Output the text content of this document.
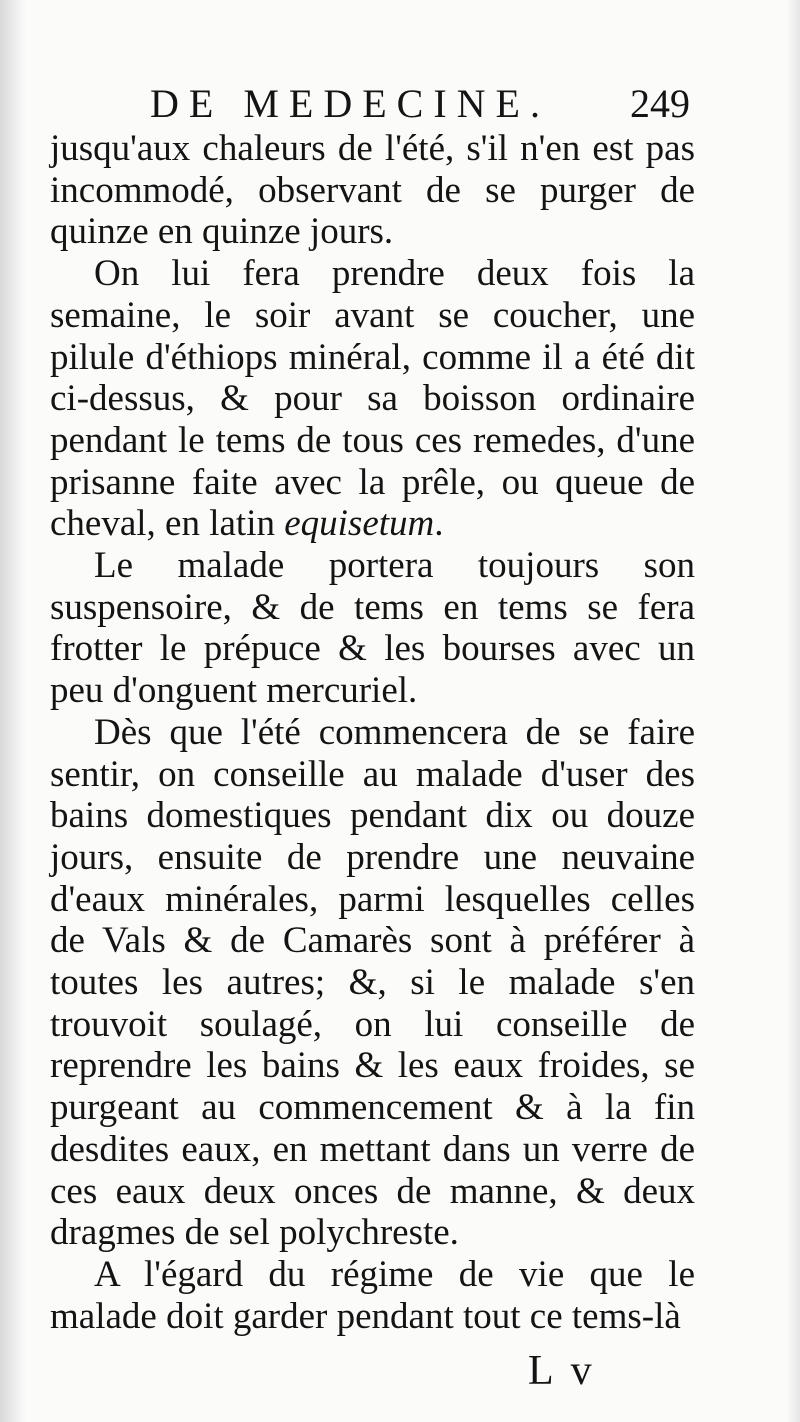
DE MEDECINE. 249

jusqu'aux chaleurs de l'été, s'il n'en est pas incommodé, observant de se purger de quinze en quinze jours.

On lui fera prendre deux fois la semaine, le soir avant se coucher, une pilule d'éthiops minéral, comme il a été dit ci-dessus, & pour sa boisson ordinaire pendant le tems de tous ces remedes, d'une prisanne faite avec la prêle, ou queue de cheval, en latin equisetum.

Le malade portera toujours son suspensoire, & de tems en tems se fera frotter le prépuce & les bourses avec un peu d'onguent mercuriel.

Dès que l'été commencera de se faire sentir, on conseille au malade d'user des bains domestiques pendant dix ou douze jours, ensuite de prendre une neuvaine d'eaux minérales, parmi lesquelles celles de Vals & de Camarès sont à préférer à toutes les autres; &, si le malade s'en trouvoit soulagé, on lui conseille de reprendre les bains & les eaux froides, se purgeant au commencement & à la fin desdites eaux, en mettant dans un verre de ces eaux deux onces de manne, & deux dragmes de sel polychreste.

A l'égard du régime de vie que le malade doit garder pendant tout ce tems-là

L v
